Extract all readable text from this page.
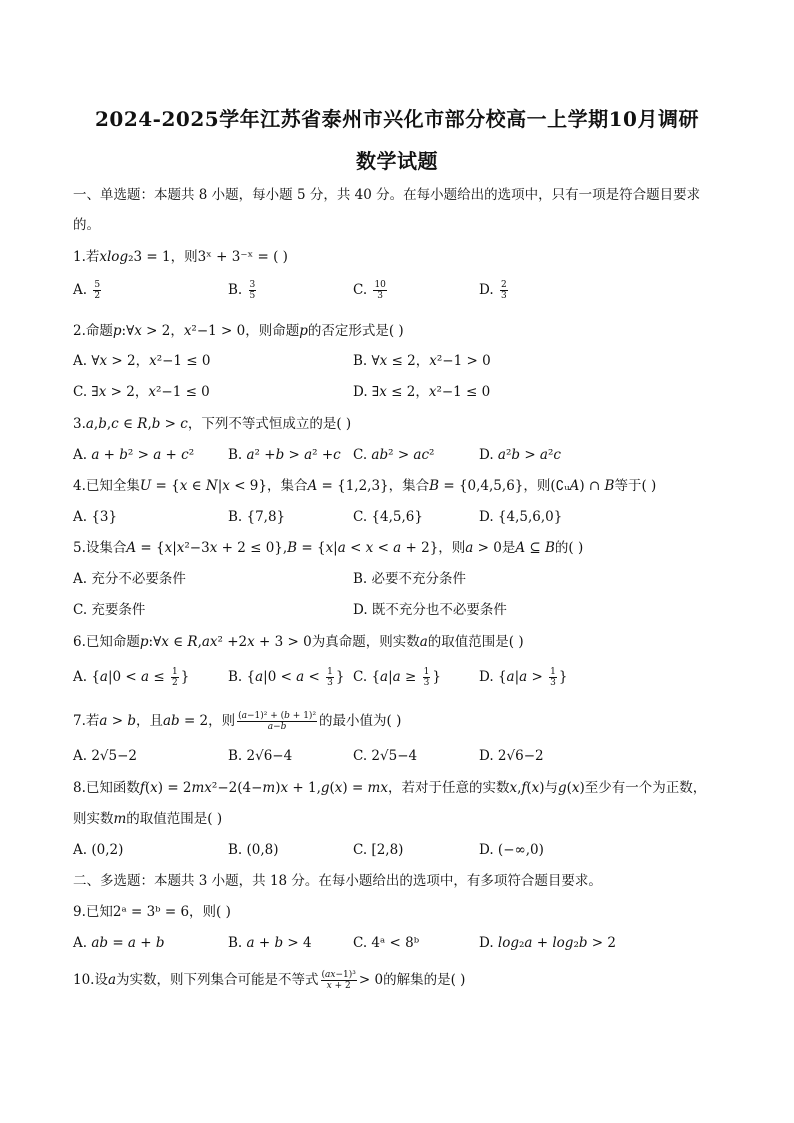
2024-2025学年江苏省泰州市兴化市部分校高一上学期10月调研
数学试题
一、单选题：本题共 8 小题，每小题 5 分，共 40 分。在每小题给出的选项中，只有一项是符合题目要求
的。
1.若𝑥𝑙𝑜𝑔₂3 = 1，则3ˣ + 3⁻ˣ = ( )
A. $\frac{5}{2}$	B. $\frac{3}{5}$	C. $\frac{10}{3}$	D. $\frac{2}{3}$
2.命题𝑝:∀𝑥 > 2，𝑥²−1 > 0，则命题𝑝的否定形式是( )
A. ∀𝑥 > 2，𝑥²−1 ≤ 0	B. ∀𝑥 ≤ 2，𝑥²−1 > 0
C. ∃𝑥 > 2，𝑥²−1 ≤ 0	D. ∃𝑥 ≤ 2，𝑥²−1 ≤ 0
3.𝑎,𝑏,𝑐 ∈ 𝑅,𝑏 > 𝑐，下列不等式恒成立的是( )
A. 𝑎 + 𝑏² > 𝑎 + 𝑐²	B. 𝑎² +𝑏 > 𝑎² +𝑐 C. 𝑎𝑏² > 𝑎𝑐²	D. 𝑎²𝑏 > 𝑎²𝑐
4.已知全集𝑈 = {𝑥 ∈ 𝑁|𝑥 < 9}，集合𝐴 = {1,2,3}，集合𝐵 = {0,4,5,6}，则(∁ᵤ𝐴) ∩ 𝐵等于( )
A. {3}	B. {7,8}	C. {4,5,6}	D. {4,5,6,0}
5.设集合𝐴 = {𝑥|𝑥²−3𝑥 + 2 ≤ 0},𝐵 = {𝑥|𝑎 < 𝑥 < 𝑎 + 2}，则𝑎 > 0是𝐴 ⊆ 𝐵的( )
A. 充分不必要条件	B. 必要不充分条件
C. 充要条件	D. 既不充分也不必要条件
6.已知命题𝑝:∀𝑥 ∈ 𝑅,𝑎𝑥² +2𝑥 + 3 > 0为真命题，则实数𝑎的取值范围是( )
A. {𝑎|0 < 𝑎 ≤ $\frac{1}{2}$ }	B. {𝑎|0 < 𝑎 < $\frac{1}{3}$ } C. {𝑎|𝑎 ≥ $\frac{1}{3}$ }	D. {𝑎|𝑎 > $\frac{1}{3}$ }
7.若𝑎 > 𝑏，且𝑎𝑏 = 2，则 $\frac{\text{(𝑎−1)² + (𝑏 + 1)²}}{\text{𝑎−𝑏}}$ 的最小值为( )
A. 2√5−2	B. 2√6−4	C. 2√5−4	D. 2√6−2
8.已知函数𝑓(𝑥) = 2𝑚𝑥²−2(4−𝑚)𝑥 + 1,𝑔(𝑥) = 𝑚𝑥，若对于任意的实数𝑥,𝑓(𝑥)与𝑔(𝑥)至少有一个为正数，
则实数𝑚的取值范围是( )
A. (0,2)	B. (0,8)	C. [2,8)	D. (−∞,0)
二、多选题：本题共 3 小题，共 18 分。在每小题给出的选项中，有多项符合题目要求。
9.已知2ᵃ = 3ᵇ = 6，则( )
A. 𝑎𝑏 = 𝑎 + 𝑏	B. 𝑎 + 𝑏 > 4	C. 4ᵃ < 8ᵇ	D. 𝑙𝑜𝑔₂𝑎 + 𝑙𝑜𝑔₂𝑏 > 2
10.设𝑎为实数，则下列集合可能是不等式 $\frac{\text{(𝑎𝑥−1)³}}{\text{𝑥 + 2}} > 0$的解集的是( )
